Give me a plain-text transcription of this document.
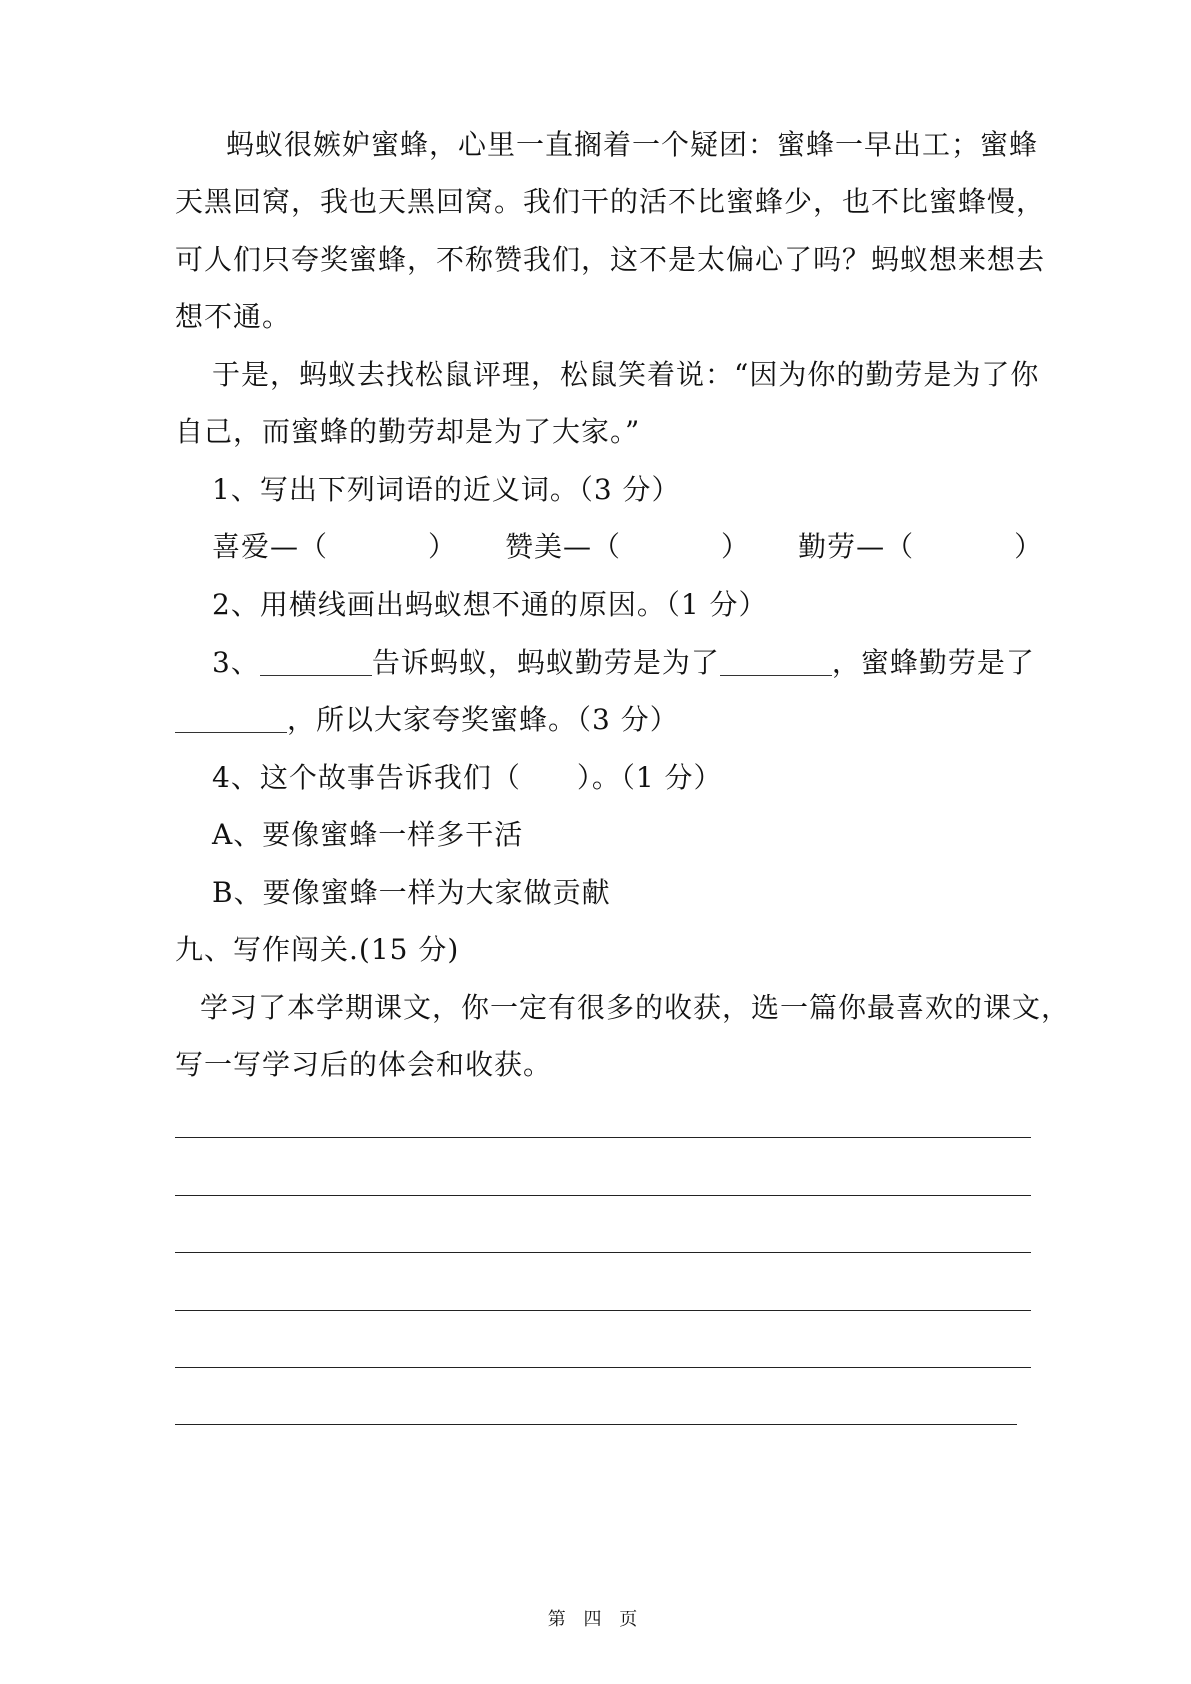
蚂蚁很嫉妒蜜蜂，心里一直搁着一个疑团：蜜蜂一早出工；蜜蜂
天黑回窝，我也天黑回窝。我们干的活不比蜜蜂少，也不比蜜蜂慢，
可人们只夸奖蜜蜂，不称赞我们，这不是太偏心了吗？蚂蚁想来想去
想不通。
于是，蚂蚁去找松鼠评理，松鼠笑着说：“因为你的勤劳是为了你
自己，而蜜蜂的勤劳却是为了大家。”
1、写出下列词语的近义词。（3 分）
喜爱—（	） 赞美—（	） 勤劳—（	）
2、用横线画出蚂蚁想不通的原因。（1 分）
3、	告诉蚂蚁，蚂蚁勤劳是为了	，蜜蜂勤劳是了
，所以大家夸奖蜜蜂。（3 分）
4、这个故事告诉我们（ ）。（1 分）
A、要像蜜蜂一样多干活
B、要像蜜蜂一样为大家做贡献
九、写作闯关.(15 分)
学习了本学期课文，你一定有很多的收获，选一篇你最喜欢的课文，
写一写学习后的体会和收获。
第 四 页
